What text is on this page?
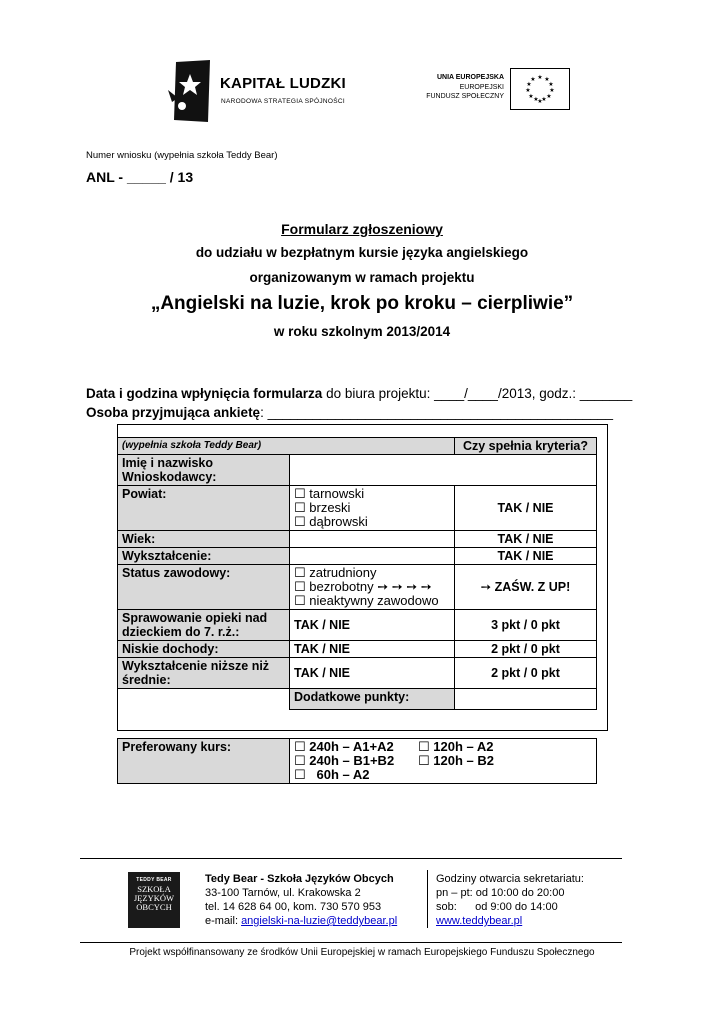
KAPITAŁ LUDZKI
NARODOWA STRATEGIA SPÓJNOŚCI
UNIA EUROPEJSKA
EUROPEJSKI
FUNDUSZ SPOŁECZNY
★ ★
★
★
★
★
★
★
★
★
★
★
Numer wniosku (wypełnia szkoła Teddy Bear)
ANL - _____ / 13
Formularz zgłoszeniowy
do udziału w bezpłatnym kursie języka angielskiego
organizowanym w ramach projektu
„Angielski na luzie, krok po kroku – cierpliwie”
w roku szkolnym 2013/2014
Data i godzina wpłynięcia formularza do biura projektu: ____/____/2013, godz.: _______
Osoba przyjmująca ankietę: ______________________________________________
(wypełnia szkoła Teddy Bear)		Czy spełnia kryteria?
Imię i nazwisko Wnioskodawcy:		
Powiat:	☐ tarnowski
☐ brzeski
☐ dąbrowski	TAK / NIE
Wiek:		TAK / NIE
Wykształcenie:		TAK / NIE
Status zawodowy:	☐ zatrudniony
☐ bezrobotny ➙ ➙ ➙ ➙
☐ nieaktywny zawodowo	➙ ZAŚW. Z UP!
Sprawowanie opieki nad dzieckiem do 7. r.ż.:	TAK / NIE	3 pkt / 0 pkt
Niskie dochody:	TAK / NIE	2 pkt / 0 pkt
Wykształcenie niższe niż średnie:	TAK / NIE	2 pkt / 0 pkt
	Dodatkowe punkty:	
Preferowany kurs:	☐ 240h – A1+A2	☐ 120h – A2
☐ 240h – B1+B2	☐ 120h – B2
☐   60h – A2
TEDDY BEAR
SZKOŁA
JĘZYKÓW
OBCYCH
Tedy Bear - Szkoła Języków Obcych
33-100 Tarnów, ul. Krakowska 2
tel. 14 628 64 00, kom. 730 570 953
e-mail: angielski-na-luzie@teddybear.pl
Godziny otwarcia sekretariatu:
pn – pt: od 10:00 do 20:00
sob:      od 9:00 do 14:00
www.teddybear.pl
Projekt współfinansowany ze środków Unii Europejskiej w ramach Europejskiego Funduszu Społecznego
